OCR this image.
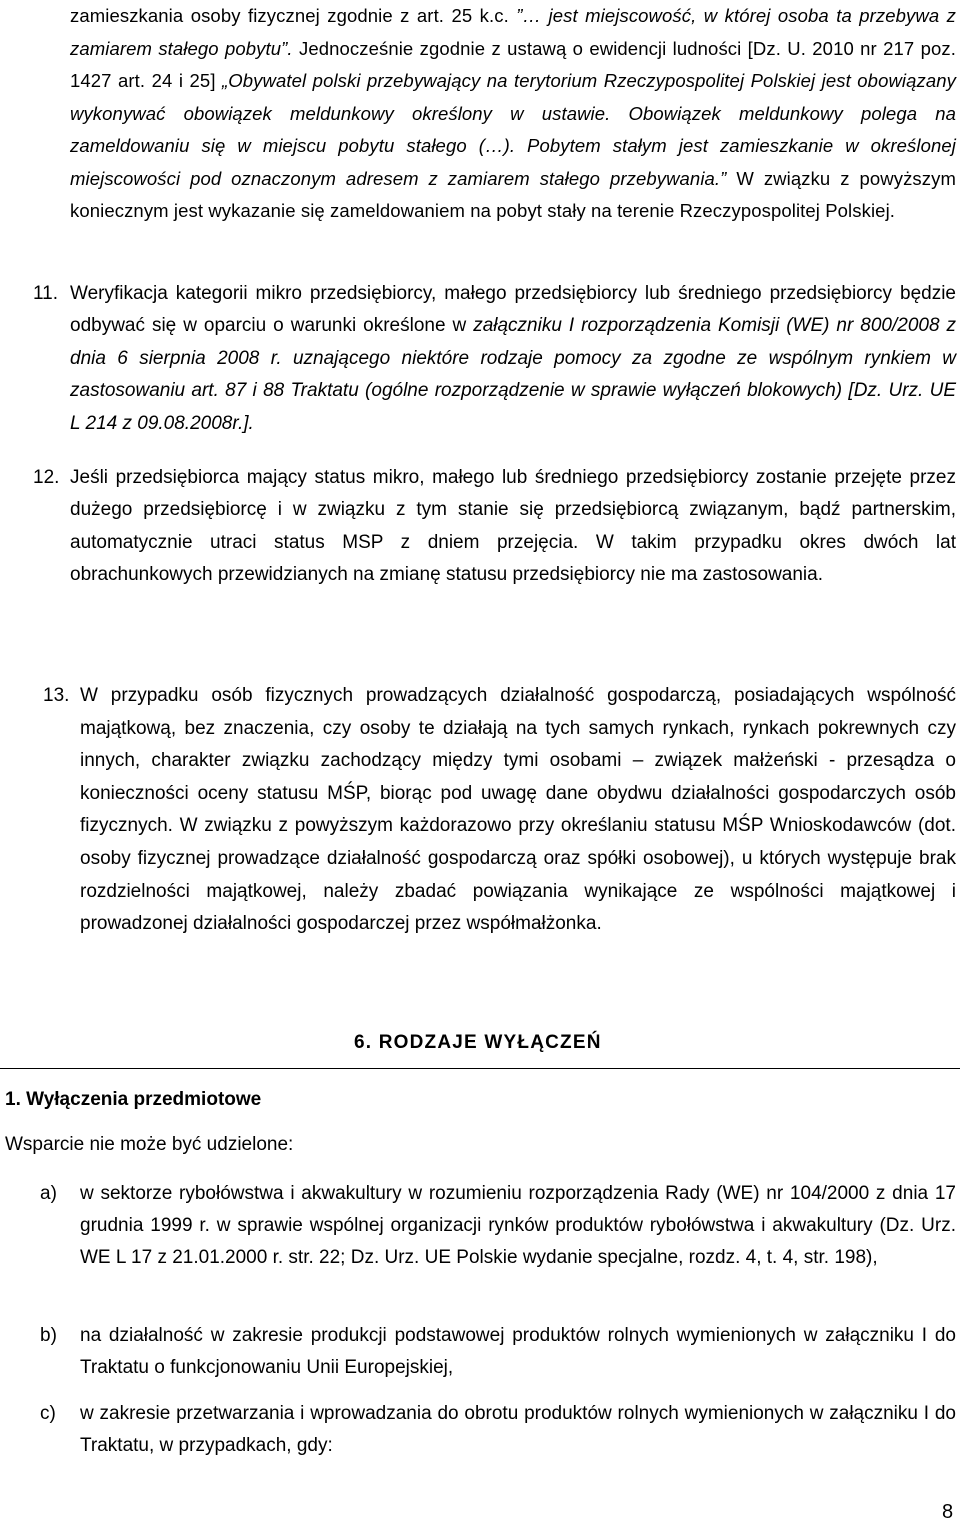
zamieszkania osoby fizycznej zgodnie z art. 25 k.c. ”… jest miejscowość, w której osoba ta przebywa z zamiarem stałego pobytu”. Jednocześnie zgodnie z ustawą o ewidencji ludności [Dz. U. 2010 nr 217 poz. 1427 art. 24 i 25] „Obywatel polski przebywający na terytorium Rzeczypospolitej Polskiej jest obowiązany wykonywać obowiązek meldunkowy określony w ustawie. Obowiązek meldunkowy polega na zameldowaniu się w miejscu pobytu stałego (…). Pobytem stałym jest zamieszkanie w określonej miejscowości pod oznaczonym adresem z zamiarem stałego przebywania.” W związku z powyższym koniecznym jest wykazanie się zameldowaniem na pobyt stały na terenie Rzeczypospolitej Polskiej.
11. Weryfikacja kategorii mikro przedsiębiorcy, małego przedsiębiorcy lub średniego przedsiębiorcy będzie odbywać się w oparciu o warunki określone w załączniku I rozporządzenia Komisji (WE) nr 800/2008 z dnia 6 sierpnia 2008 r. uznającego niektóre rodzaje pomocy za zgodne ze wspólnym rynkiem w zastosowaniu art. 87 i 88 Traktatu (ogólne rozporządzenie w sprawie wyłączeń blokowych) [Dz. Urz. UE L 214 z 09.08.2008r.].
12. Jeśli przedsiębiorca mający status mikro, małego lub średniego przedsiębiorcy zostanie przejęte przez dużego przedsiębiorcę i w związku z tym stanie się przedsiębiorcą związanym, bądź partnerskim, automatycznie utraci status MSP z dniem przejęcia. W takim przypadku okres dwóch lat obrachunkowych przewidzianych na zmianę statusu przedsiębiorcy nie ma zastosowania.
13. W przypadku osób fizycznych prowadzących działalność gospodarczą, posiadających wspólność majątkową, bez znaczenia, czy osoby te działają na tych samych rynkach, rynkach pokrewnych czy innych, charakter związku zachodzący między tymi osobami – związek małżeński - przesądza o konieczności oceny statusu MŚP, biorąc pod uwagę dane obydwu działalności gospodarczych osób fizycznych. W związku z powyższym każdorazowo przy określaniu statusu MŚP Wnioskodawców (dot. osoby fizycznej prowadzące działalność gospodarczą oraz spółki osobowej), u których występuje brak rozdzielności majątkowej, należy zbadać powiązania wynikające ze wspólności majątkowej i prowadzonej działalności gospodarczej przez współmałżonka.
6. RODZAJE WYŁĄCZEŃ
1. Wyłączenia przedmiotowe
Wsparcie nie może być udzielone:
a) w sektorze rybołówstwa i akwakultury w rozumieniu rozporządzenia Rady (WE) nr 104/2000 z dnia 17 grudnia 1999 r. w sprawie wspólnej organizacji rynków produktów rybołówstwa i akwakultury (Dz. Urz. WE L 17 z 21.01.2000 r. str. 22; Dz. Urz. UE Polskie wydanie specjalne, rozdz. 4, t. 4, str. 198),
b) na działalność w zakresie produkcji podstawowej produktów rolnych wymienionych w załączniku I do Traktatu o funkcjonowaniu Unii Europejskiej,
c) w zakresie przetwarzania i wprowadzania do obrotu produktów rolnych wymienionych w załączniku I do Traktatu, w przypadkach, gdy:
8
